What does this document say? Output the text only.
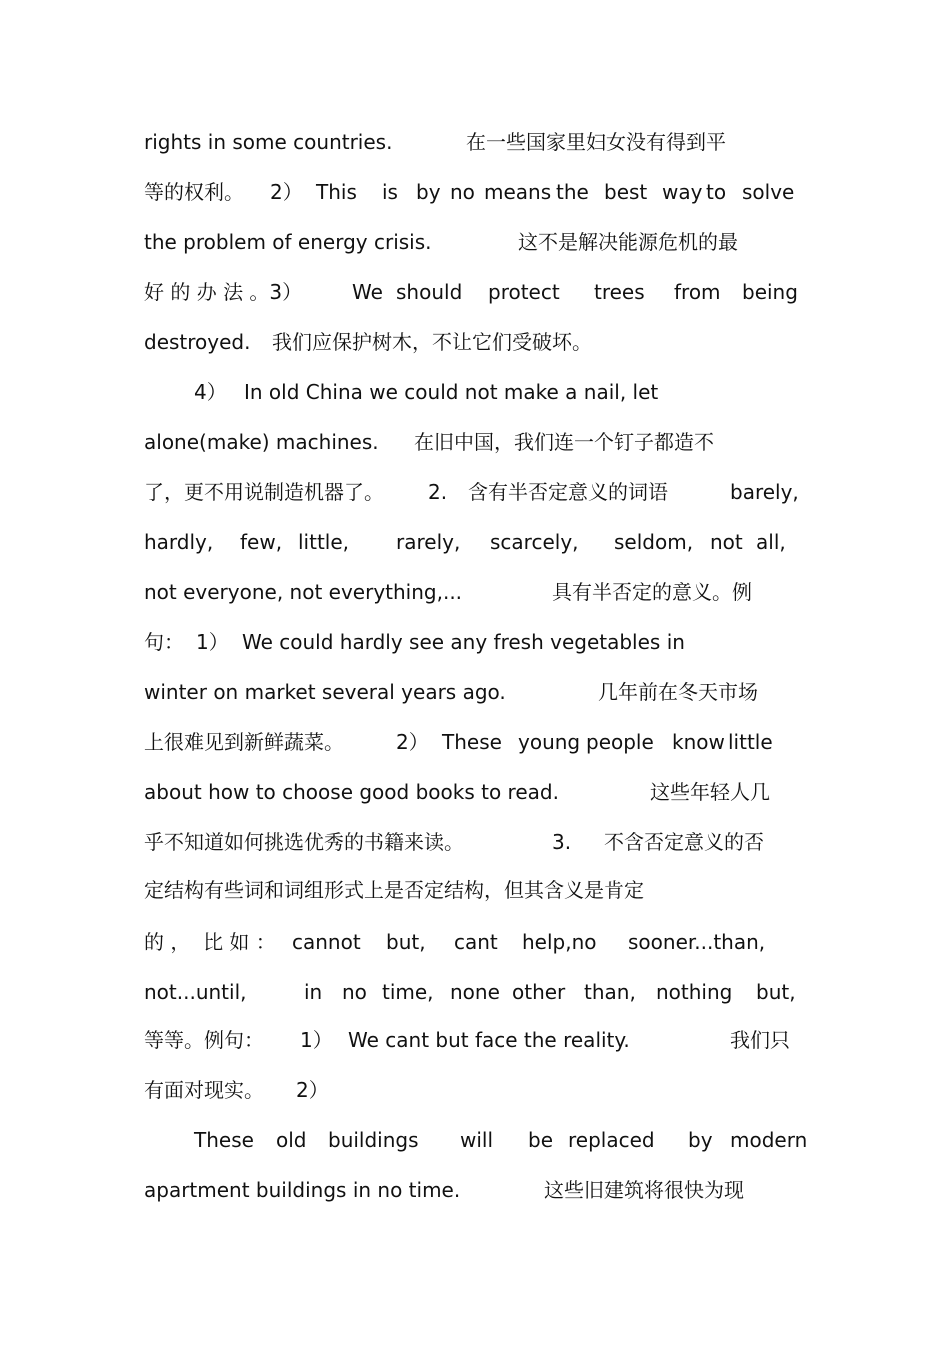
rights in some countries.	在一些国家里妇女没有得到平
等的权利。 2） This is by no means the best way to solve
the problem of energy crisis.	这不是解决能源危机的最
好 的 办 法 。3） We should protect trees from being
destroyed. 我们应保护树木，不让它们受破坏。
4） In old China we could not make a nail, let
alone(make) machines. 在旧中国，我们连一个钉子都造不
了，更不用说制造机器了。 2. 含有半否定意义的词语	barely,
hardly, few, little, rarely, scarcely, seldom, not all,
not everyone, not everything,...	具有半否定的意义。例
句： 1） We could hardly see any fresh vegetables in
winter on market several years ago.	几年前在冬天市场
上很难见到新鲜蔬菜。	2） These young people know little
about how to choose good books to read.	这些年轻人几
乎不知道如何挑选优秀的书籍来读。	3. 不含否定意义的否
定结构有些词和词组形式上是否定结构，但其含义是肯定
的 ，  比 如 ： cannot but, cant help,no sooner...than,
not...until,	in no time, none other than, nothing but,
等等。例句： 1） We cant but face the reality.	我们只
有面对现实。 2）
These old buildings will be replaced by modern
apartment buildings in no time.	这些旧建筑将很快为现
